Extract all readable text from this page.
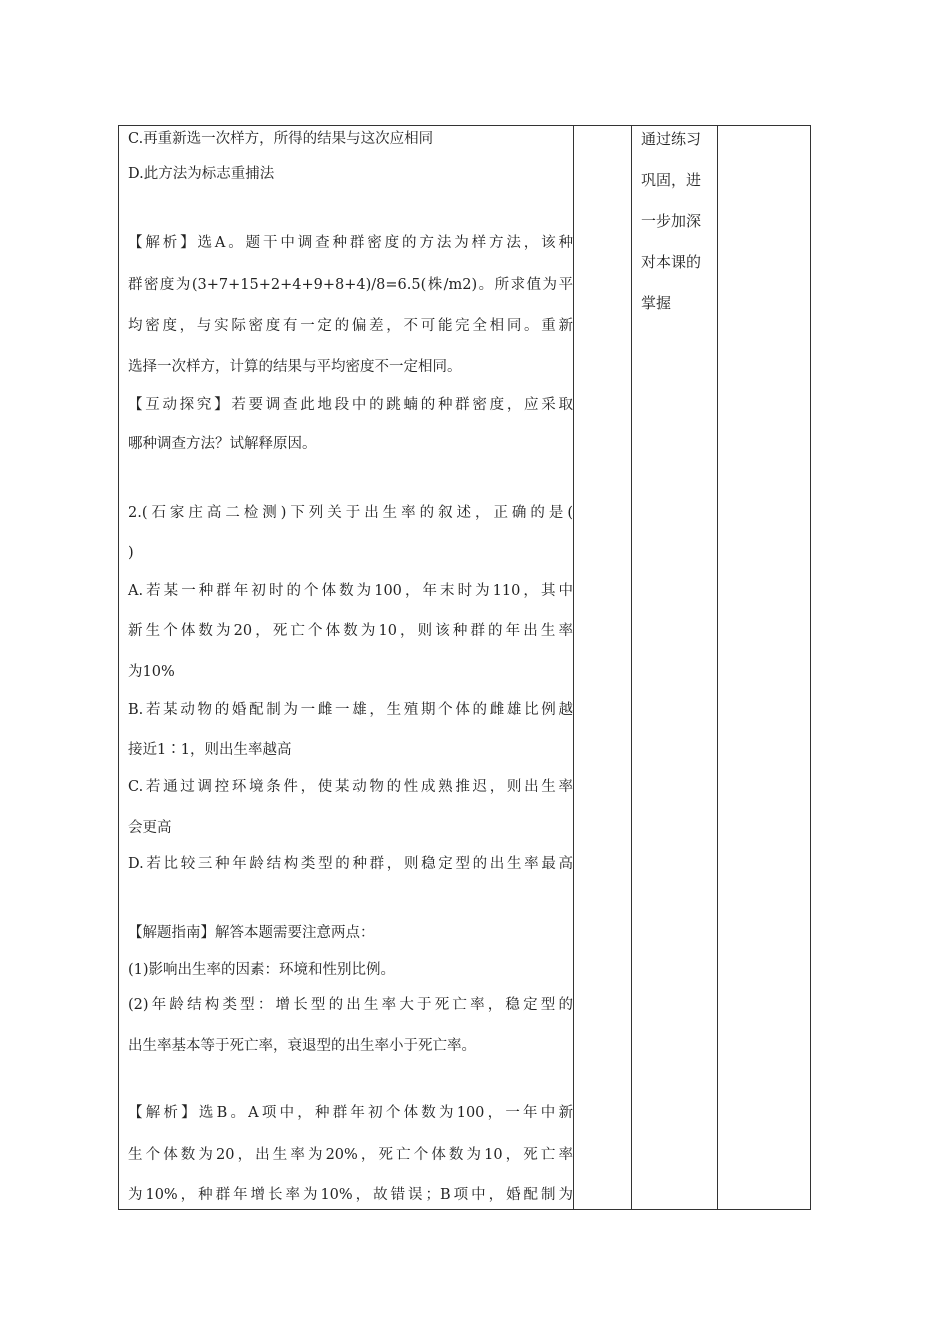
C.再重新选一次样方，所得的结果与这次应相同
D.此方法为标志重捕法
【解析】选A。题干中调查种群密度的方法为样方法，该种
群密度为(3+7+15+2+4+9+8+4)/8=6.5(株/m2)。所求值为平
均密度，与实际密度有一定的偏差，不可能完全相同。重新
选择一次样方，计算的结果与平均密度不一定相同。
【互动探究】若要调查此地段中的跳蝻的种群密度，应采取
哪种调查方法？试解释原因。
2.(石家庄高二检测)下列关于出生率的叙述，正确的是(
)
A.若某一种群年初时的个体数为100，年末时为110，其中
新生个体数为20，死亡个体数为10，则该种群的年出生率
为10%
B.若某动物的婚配制为一雌一雄，生殖期个体的雌雄比例越
接近1∶1，则出生率越高
C.若通过调控环境条件，使某动物的性成熟推迟，则出生率
会更高
D.若比较三种年龄结构类型的种群，则稳定型的出生率最高
【解题指南】解答本题需要注意两点：
(1)影响出生率的因素：环境和性别比例。
(2)年龄结构类型：增长型的出生率大于死亡率，稳定型的
出生率基本等于死亡率，衰退型的出生率小于死亡率。
【解析】选B。A项中，种群年初个体数为100，一年中新
生个体数为20，出生率为20%，死亡个体数为10，死亡率
为10%，种群年增长率为10%，故错误；B项中，婚配制为
通过练习
巩固，进
一步加深
对本课的
掌握
